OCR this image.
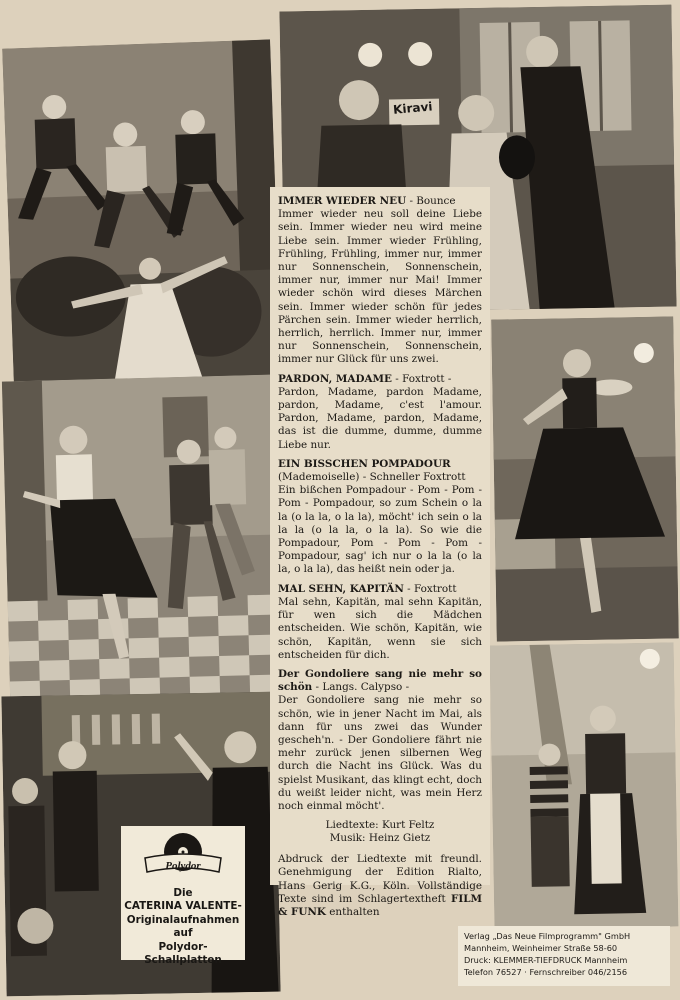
Kiravi
IMMER WIEDER NEU - Bounce
Immer wieder neu soll deine Liebe sein. Immer wieder neu wird meine Liebe sein. Immer wieder Frühling, Frühling, Frühling, immer nur, immer nur Sonnenschein, Sonnenschein, immer nur, immer nur Mai! Immer wieder schön wird dieses Märchen sein. Immer wieder schön für jedes Pärchen sein. Immer wieder herrlich, herrlich, herrlich. Immer nur, immer nur Sonnenschein, Sonnenschein, immer nur Glück für uns zwei.
PARDON, MADAME - Foxtrott -
Pardon, Madame, pardon Madame, pardon, Madame, c'est l'amour. Pardon, Madame, pardon, Madame, das ist die dumme, dumme, dumme Liebe nur.
EIN BISSCHEN POMPADOUR
(Mademoiselle) - Schneller Foxtrott
Ein bißchen Pompadour - Pom - Pom - Pom - Pompadour, so zum Schein o la la (o la la, o la la), möcht' ich sein o la la la (o la la, o la la). So wie die Pompadour, Pom - Pom - Pom - Pompadour, sag' ich nur o la la (o la la, o la la), das heißt nein oder ja.
MAL SEHN, KAPITÄN - Foxtrott
Mal sehn, Kapitän, mal sehn Kapitän, für wen sich die Mädchen entscheiden. Wie schön, Kapitän, wie schön, Kapitän, wenn sie sich entscheiden für dich.
Der Gondoliere sang nie mehr so schön - Langs. Calypso -
Der Gondoliere sang nie mehr so schön, wie in jener Nacht im Mai, als dann für uns zwei das Wunder gescheh'n. - Der Gondoliere fährt nie mehr zurück jenen silbernen Weg durch die Nacht ins Glück. Was du spielst Musikant, das klingt echt, doch du weißt leider nicht, was mein Herz noch einmal möcht'.
Liedtexte: Kurt Feltz
Musik: Heinz Gietz
Abdruck der Liedtexte mit freundl. Genehmigung der Edition Rialto, Hans Gerig K.G., Köln. Vollständige Texte sind im Schlagertextheft FILM & FUNK enthalten
Polydor
Die
CATERINA VALENTE-
Originalaufnahmen
auf
Polydor-Schallplatten
Verlag „Das Neue Filmprogramm" GmbH
Mannheim, Weinheimer Straße 58-60
Druck: KLEMMER-TIEFDRUCK Mannheim
Telefon 76527 · Fernschreiber 046/2156
